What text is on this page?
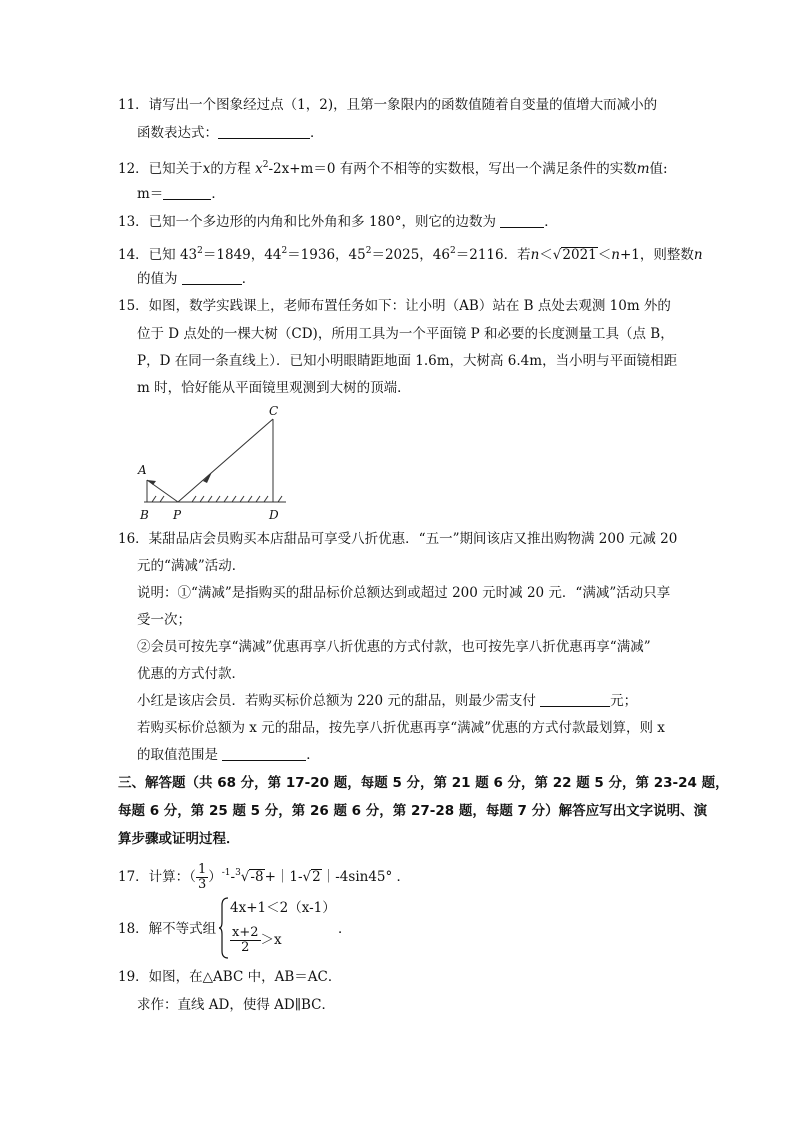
11．请写出一个图象经过点（1，2)，且第一象限内的函数值随着自变量的值增大而减小的
函数表达式：	．
12．已知关于x的方程 $x^2-2x+m=0$ 有两个不相等的实数根，写出一个满足条件的实数m值:
m＝	．
13．已知一个多边形的内角和比外角和多 180°，则它的边数为	．
14．已知 $43^2=1849$，$44^2=1936$，$45^2=2025$，$46^2=2116$．若n＜√2021＜n+1，则整数n
的值为	．
15．如图，数学实践课上，老师布置任务如下：让小明（AB）站在 B 点处去观测 10m 外的
位于 D 点处的一棵大树（CD)，所用工具为一个平面镜 P 和必要的长度测量工具（点 B，
P，D 在同一条直线上）．已知小明眼睛距地面 1.6m，大树高 6.4m，当小明与平面镜相距
m 时，恰好能从平面镜里观测到大树的顶端．
A
B P
C
D
16．某甜品店会员购买本店甜品可享受八折优惠．“五一”期间该店又推出购物满 200 元减 20
元的“满减”活动．
说明：①“满减”是指购买的甜品标价总额达到或超过 200 元时减 20 元．“满减”活动只享
受一次；
②会员可按先享“满减”优惠再享八折优惠的方式付款，也可按先享八折优惠再享“满减”
优惠的方式付款．
小红是该店会员．若购买标价总额为 220 元的甜品，则最少需支付	元；
若购买标价总额为 x 元的甜品，按先享八折优惠再享“满减”优惠的方式付款最划算，则 x
的取值范围是	．
三、解答题（共 68 分，第 17-20 题，每题 5 分，第 21 题 6 分，第 22 题 5 分，第 23-24 题，
每题 6 分，第 25 题 5 分，第 26 题 6 分，第 27-28 题，每题 7 分）解答应写出文字说明、演
算步骤或证明过程．
17．计算：（ $\frac{1}{3}$ ）$^{-1}$-$^3$√-8+｜1-√2｜-4sin45° ．
18．解不等式组
4x+1＜2（x-1）
$\frac{x+2}{2} >x$
．
19．如图，在△ABC 中，AB＝AC．
求作：直线 AD，使得 AD∥BC．
